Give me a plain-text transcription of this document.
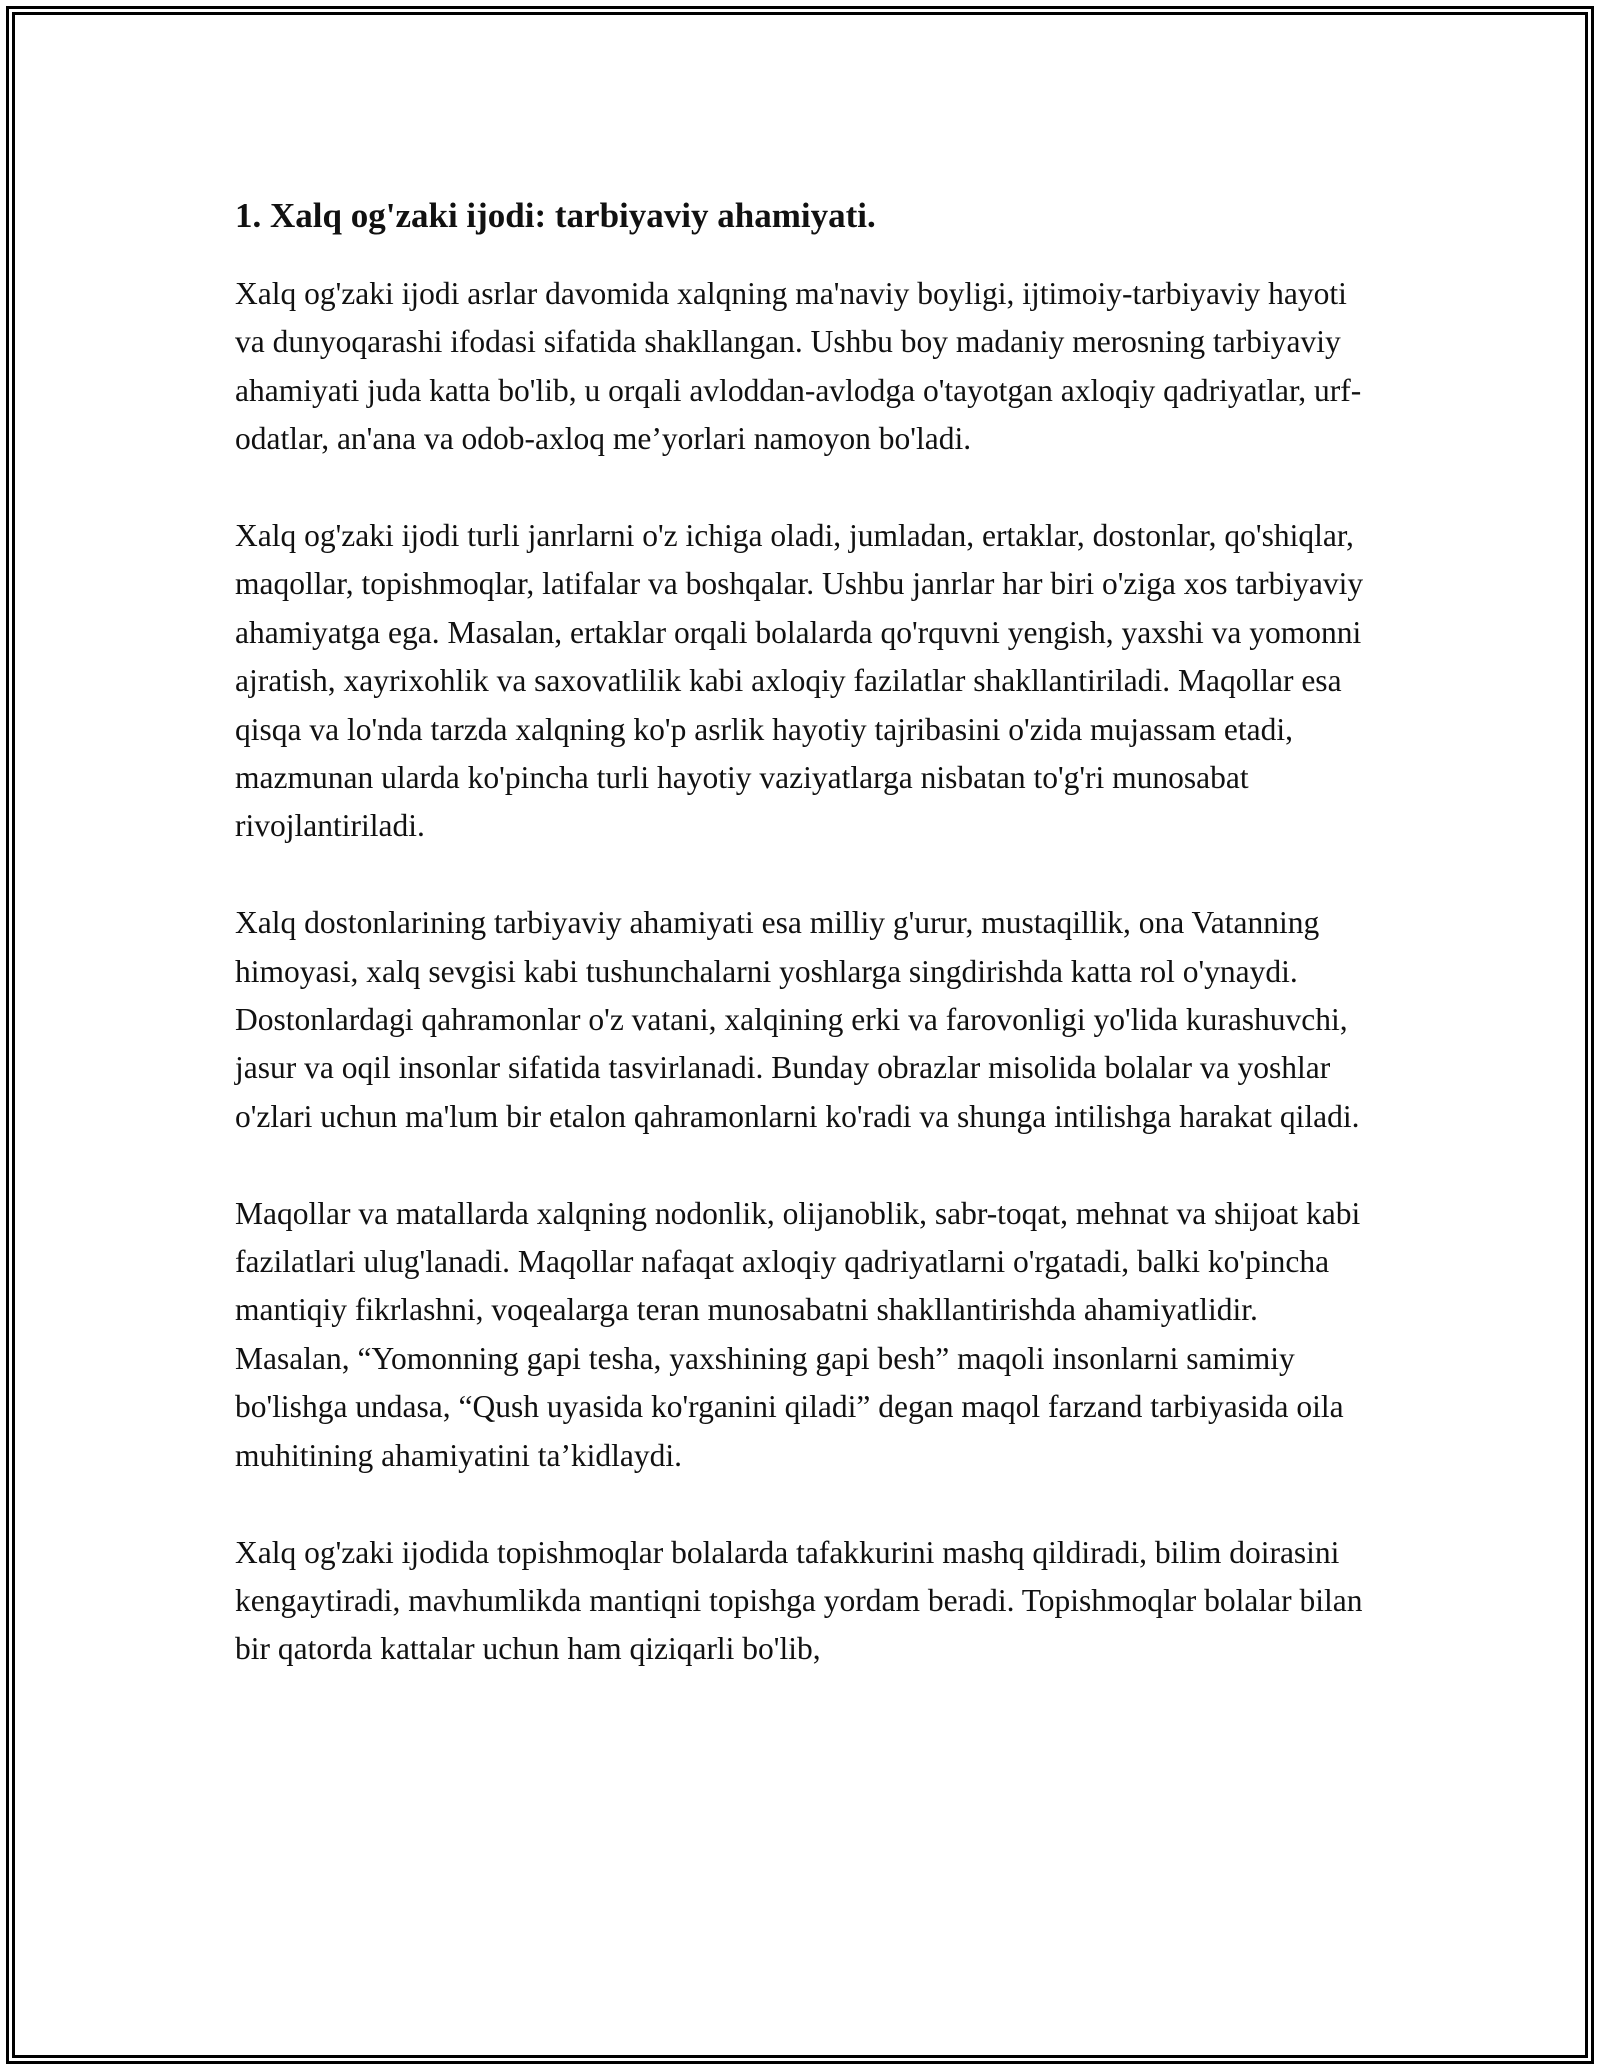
1. Xalq og'zaki ijodi: tarbiyaviy ahamiyati.

Xalq og'zaki ijodi asrlar davomida xalqning ma'naviy boyligi, ijtimoiy-tarbiyaviy hayoti va dunyoqarashi ifodasi sifatida shakllangan. Ushbu boy madaniy merosning tarbiyaviy ahamiyati juda katta bo'lib, u orqali avloddan-avlodga o'tayotgan axloqiy qadriyatlar, urf-odatlar, an'ana va odob-axloq me’yorlari namoyon bo'ladi.

Xalq og'zaki ijodi turli janrlarni o'z ichiga oladi, jumladan, ertaklar, dostonlar, qo'shiqlar, maqollar, topishmoqlar, latifalar va boshqalar. Ushbu janrlar har biri o'ziga xos tarbiyaviy ahamiyatga ega. Masalan, ertaklar orqali bolalarda qo'rquvni yengish, yaxshi va yomonni ajratish, xayrixohlik va saxovatlilik kabi axloqiy fazilatlar shakllantiriladi. Maqollar esa qisqa va lo'nda tarzda xalqning ko'p asrlik hayotiy tajribasini o'zida mujassam etadi, mazmunan ularda ko'pincha turli hayotiy vaziyatlarga nisbatan to'g'ri munosabat rivojlantiriladi.

Xalq dostonlarining tarbiyaviy ahamiyati esa milliy g'urur, mustaqillik, ona Vatanning himoyasi, xalq sevgisi kabi tushunchalarni yoshlarga singdirishda katta rol o'ynaydi. Dostonlardagi qahramonlar o'z vatani, xalqining erki va farovonligi yo'lida kurashuvchi, jasur va oqil insonlar sifatida tasvirlanadi. Bunday obrazlar misolida bolalar va yoshlar o'zlari uchun ma'lum bir etalon qahramonlarni ko'radi va shunga intilishga harakat qiladi.

Maqollar va matallarda xalqning nodonlik, olijanoblik, sabr-toqat, mehnat va shijoat kabi fazilatlari ulug'lanadi. Maqollar nafaqat axloqiy qadriyatlarni o'rgatadi, balki ko'pincha mantiqiy fikrlashni, voqealarga teran munosabatni shakllantirishda ahamiyatlidir. Masalan, “Yomonning gapi tesha, yaxshining gapi besh” maqoli insonlarni samimiy bo'lishga undasa, “Qush uyasida ko'rganini qiladi” degan maqol farzand tarbiyasida oila muhitining ahamiyatini ta’kidlaydi.

Xalq og'zaki ijodida topishmoqlar bolalarda tafakkurini mashq qildiradi, bilim doirasini kengaytiradi, mavhumlikda mantiqni topishga yordam beradi. Topishmoqlar bolalar bilan bir qatorda kattalar uchun ham qiziqarli bo'lib,
